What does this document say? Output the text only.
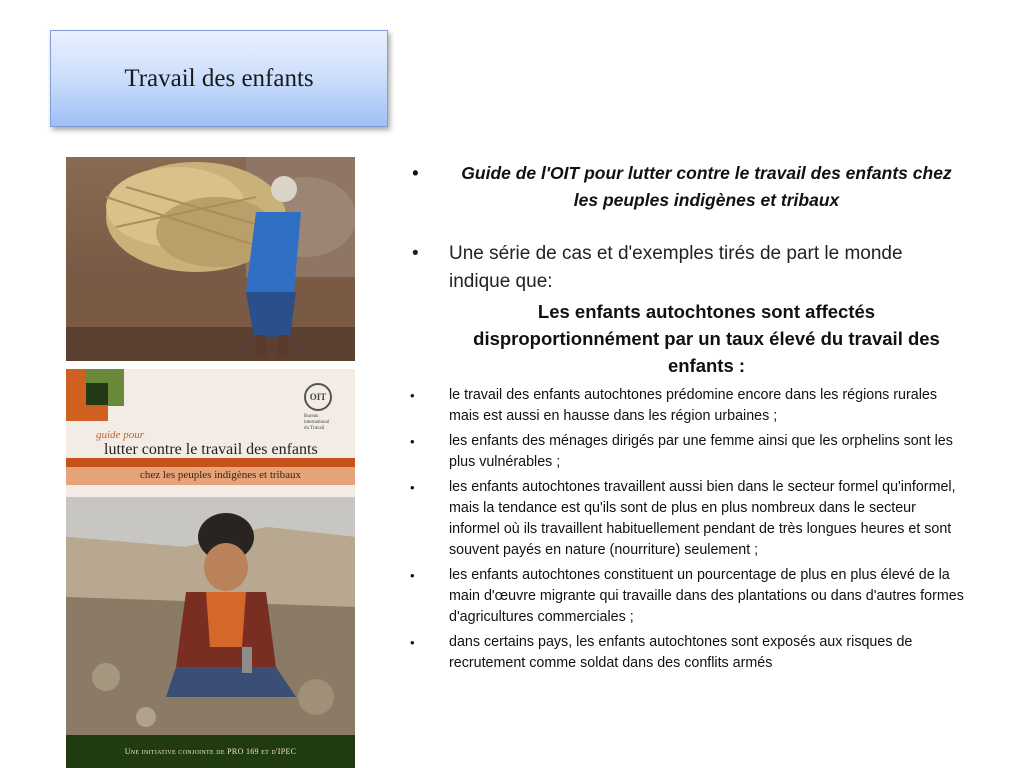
Travail des enfants
OIT
Bureau
international
du Travail
guide pour
lutter contre le travail des enfants
chez les peuples indigènes et tribaux
Une initiative conjointe de PRO 169 et d'IPEC
• Guide de l'OIT pour lutter contre le travail des enfants chez les peuples indigènes et tribaux
• Une série de cas et d'exemples tirés de part le monde indique que:
Les enfants autochtones sont affectés disproportionnément par un taux élevé du travail des enfants :
• le travail des enfants autochtones prédomine encore dans les régions rurales mais est aussi en hausse dans les région urbaines ;
• les enfants des ménages dirigés par une femme ainsi que les orphelins sont les plus vulnérables ;
• les enfants autochtones travaillent aussi bien dans le secteur formel qu'informel, mais la tendance est qu'ils sont de plus en plus nombreux dans le secteur informel où ils travaillent habituellement pendant de très longues heures et sont souvent payés en nature (nourriture) seulement ;
• les enfants autochtones constituent un pourcentage de plus en plus élevé de la main d'œuvre migrante qui travaille dans des plantations ou dans d'autres formes d'agricultures commerciales ;
• dans certains pays, les enfants autochtones sont exposés aux risques de recrutement comme soldat dans des conflits armés
